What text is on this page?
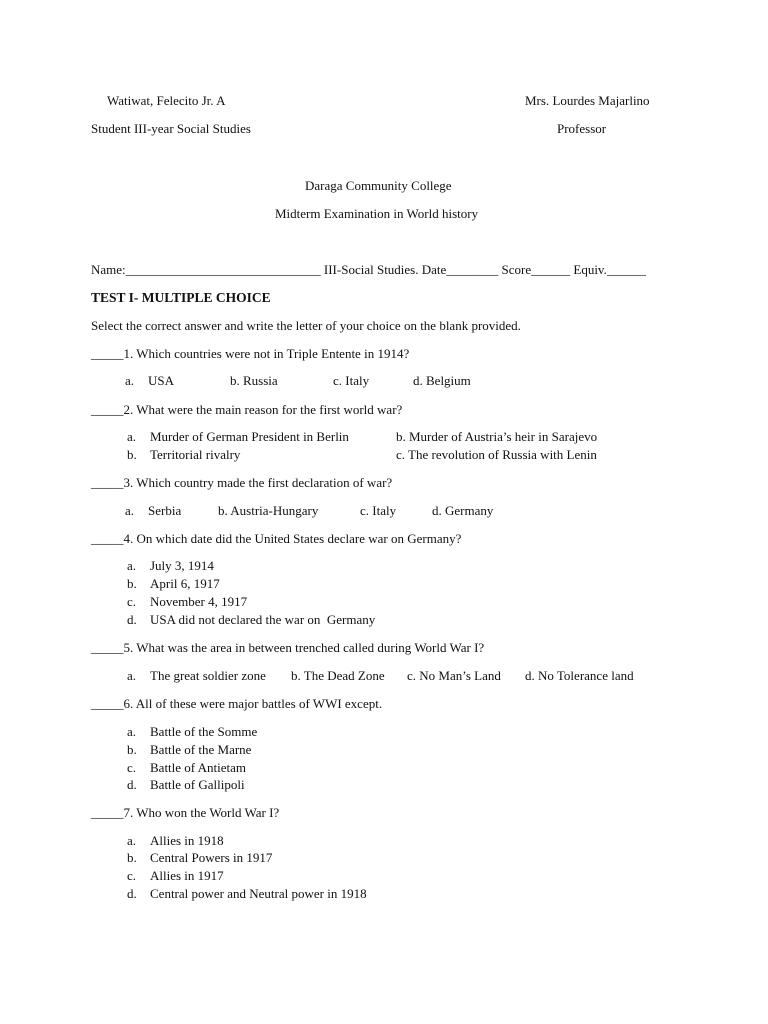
Watiwat, Felecito Jr. A
Student III-year Social Studies
Mrs. Lourdes Majarlino
Professor
Daraga Community College
Midterm Examination in World history
Name:______________________________ III-Social Studies. Date________ Score______ Equiv.______
TEST I- MULTIPLE CHOICE
Select the correct answer and write the letter of your choice on the blank provided.
_____1. Which countries were not in Triple Entente in 1914?
a. USA	b. Russia	c. Italy	d. Belgium
_____2. What were the main reason for the first world war?
a. Murder of German President in Berlin	b. Murder of Austria’s heir in Sarajevo
b. Territorial rivalry	c. The revolution of Russia with Lenin
_____3. Which country made the first declaration of war?
a. Serbia	b. Austria-Hungary	c. Italy	d. Germany
_____4. On which date did the United States declare war on Germany?
a. July 3, 1914
b. April 6, 1917
c. November 4, 1917
d. USA did not declared the war on  Germany
_____5. What was the area in between trenched called during World War I?
a. The great soldier zone b. The Dead Zone c. No Man’s Land d. No Tolerance land
_____6. All of these were major battles of WWI except.
a. Battle of the Somme
b. Battle of the Marne
c. Battle of Antietam
d. Battle of Gallipoli
_____7. Who won the World War I?
a. Allies in 1918
b. Central Powers in 1917
c. Allies in 1917
d. Central power and Neutral power in 1918
